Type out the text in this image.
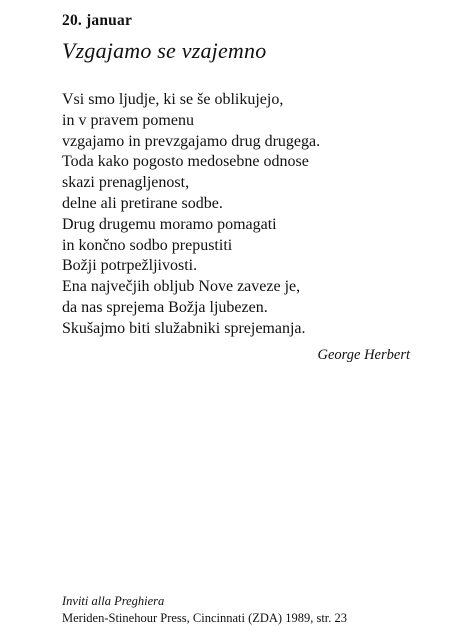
20. januar
Vzgajamo se vzajemno
Vsi smo ljudje, ki se še oblikujejo,
in v pravem pomenu
vzgajamo in prevzgajamo drug drugega.
Toda kako pogosto medosebne odnose
skazi prenagljenost,
delne ali pretirane sodbe.
Drug drugemu moramo pomagati
in končno sodbo prepustiti
Božji potrpežljivosti.
Ena največjih obljub Nove zaveze je,
da nas sprejema Božja ljubezen.
Skušajmo biti služabniki sprejemanja.
George Herbert
Inviti alla Preghiera
Meriden-Stinehour Press, Cincinnati (ZDA) 1989, str. 23
